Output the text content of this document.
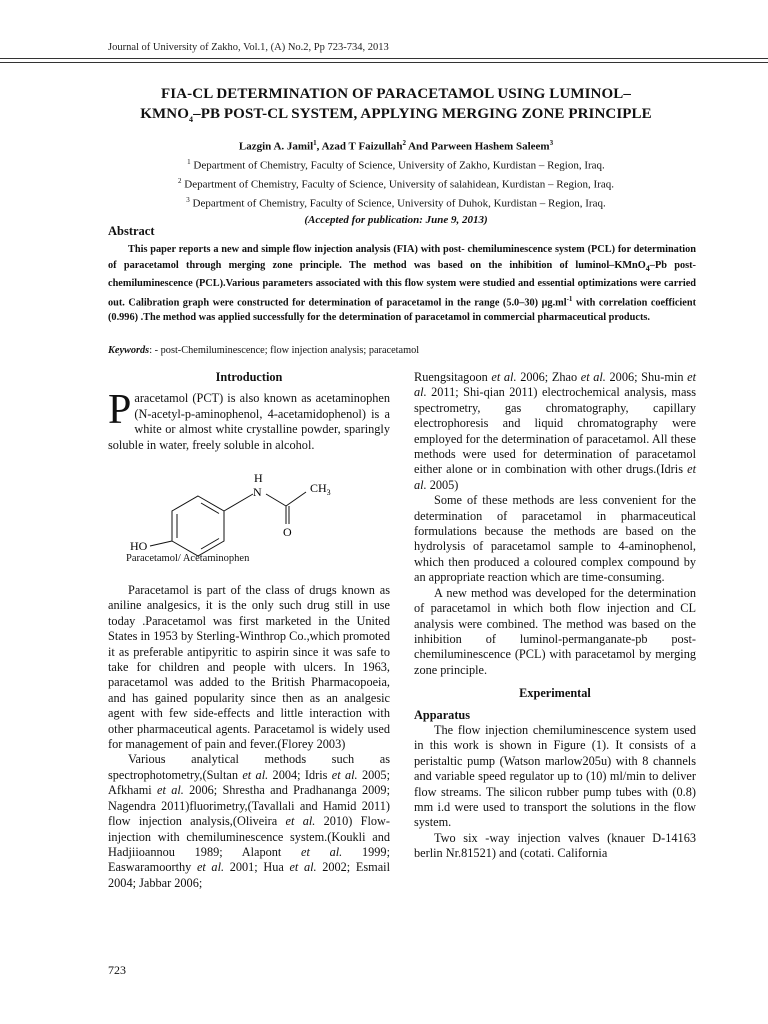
Journal of University of Zakho, Vol.1, (A) No.2, Pp 723-734, 2013
FIA-CL DETERMINATION OF PARACETAMOL USING LUMINOL–
$KMNO_4-PB$ POST-CL SYSTEM, APPLYING MERGING ZONE PRINCIPLE
Lazgin A. Jamil$^1$, Azad T Faizullah$^2$ And Parween Hashem Saleem$^3$
$^1$ Department of Chemistry, Faculty of Science, University of Zakho, Kurdistan – Region, Iraq.
$^2$ Department of Chemistry, Faculty of Science, University of salahidean, Kurdistan – Region, Iraq.
$^3$ Department of Chemistry, Faculty of Science, University of Duhok, Kurdistan – Region, Iraq.
(Accepted for publication: June 9, 2013)
Abstract

This paper reports a new and simple flow injection analysis (FIA) with post- chemiluminescence system (PCL) for determination of paracetamol through merging zone principle. The method was based on the inhibition of luminol–KMnO$_4$–Pb post- chemiluminescence (PCL).Various parameters associated with this flow system were studied and essential optimizations were carried out. Calibration graph were constructed for determination of paracetamol in the range (5.0–30) $\mu g.ml^{-1}$ with correlation coefficient (0.996) .The method was applied successfully for the determination of paracetamol in commercial pharmaceutical products.

Keywords: - post-Chemiluminescence; flow injection analysis; paracetamol
Introduction

Paracetamol (PCT) is also known as acetaminophen (N-acetyl-p-aminophenol, 4-acetamidophenol) is a white or almost white crystalline powder, sparingly soluble in water, freely soluble in alcohol.

H
N	$CH_3$
O
HO
Paracetamol/ Acetaminophen

Paracetamol is part of the class of drugs known as aniline analgesics, it is the only such drug still in use today .Paracetamol was first marketed in the United States in 1953 by Sterling-Winthrop Co.,which promoted it as preferable antipyritic to aspirin since it was safe to take for children and people with ulcers. In 1963, paracetamol was added to the British Pharmacopoeia, and has gained popularity since then as an analgesic agent with few side-effects and little interaction with other pharmaceutical agents. Paracetamol is widely used for management of pain and fever.(Florey 2003)

Various analytical methods such as spectrophotometry,(Sultan et al. 2004; Idris et al. 2005; Afkhami et al. 2006; Shrestha and Pradhananga 2009; Nagendra 2011)fluorimetry,(Tavallali and Hamid 2011) flow injection analysis,(Oliveira et al. 2010) Flow-injection with chemiluminescence system.(Koukli and Hadjiioannou 1989; Alapont et al. 1999; Easwaramoorthy et al. 2001; Hua et al. 2002; Esmail 2004; Jabbar 2006;

Ruengsitagoon et al. 2006; Zhao et al. 2006; Shu-min et al. 2011; Shi-qian 2011) electrochemical analysis, mass spectrometry, gas chromatography, capillary electrophoresis and liquid chromatography were employed for the determination of paracetamol. All these methods were used for determination of paracetamol either alone or in combination with other drugs.(Idris et al. 2005)

Some of these methods are less convenient for the determination of paracetamol in pharmaceutical formulations because the methods are based on the hydrolysis of paracetamol sample to 4-aminophenol, which then produced a coloured complex compound by an appropriate reaction which are time-consuming.

A new method was developed for the determination of paracetamol in which both flow injection and CL analysis were combined. The method was based on the inhibition of luminol-permanganate-pb post- chemiluminescence (PCL) with paracetamol by merging zone principle.

Experimental
Apparatus

The flow injection chemiluminescence system used in this work is shown in Figure (1). It consists of a peristaltic pump (Watson marlow205u) with 8 channels and variable speed regulator up to (10) ml/min to deliver flow streams. The silicon rubber pump tubes with (0.8) mm i.d were used to transport the solutions in the flow system.

Two six -way injection valves (knauer D-14163 berlin Nr.81521) and (cotati. California

723
